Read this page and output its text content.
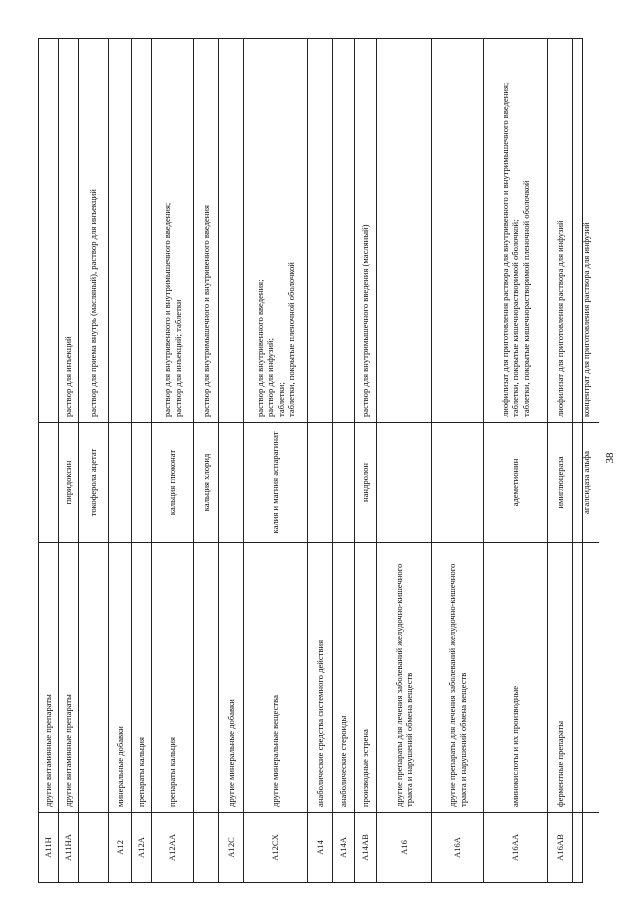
A11H
другие витаминные препараты
A11HA
другие витаминные препараты
пиридоксин
раствор для инъекций
токоферола ацетат
раствор для приема внутрь (масляный), раствор для инъекций
A12
минеральные добавки
A12A
препараты кальция
A12AA
препараты кальция
кальция глюконат
раствор для внутривенного и внутримышечного введения;
раствор для инъекций; таблетки
кальция хлорид
раствор для внутримышечного и внутривенного введения
A12C
другие минеральные добавки
A12CX
другие минеральные вещества
калия и магния аспарагинат
раствор для внутривенного введения;
раствор для инфузий;
таблетки;
таблетки, покрытые пленочной оболочкой
A14
анаболические средства системного действия
A14A
анаболические стероиды
A14AB
производные эстрена
нандролон
раствор для внутримышечного введения (масляный)
A16
другие препараты для лечения заболеваний желудочно-кишечного тракта и нарушений обмена веществ
A16A
другие препараты для лечения заболеваний желудочно-кишечного тракта и нарушений обмена веществ
A16AA
аминокислоты и их производные
адеметионин
лиофилизат для приготовления раствора для внутривенного и внутримышечного введения;
таблетки, покрытые кишечнорастворимой оболочкой;
таблетки, покрытые кишечнорастворимой пленочной оболочкой
A16AB
ферментные препараты
имиглюцераза
лиофилизат для приготовления раствора для инфузий
агалсидаза альфа
концентрат для приготовления раствора для инфузий
38
